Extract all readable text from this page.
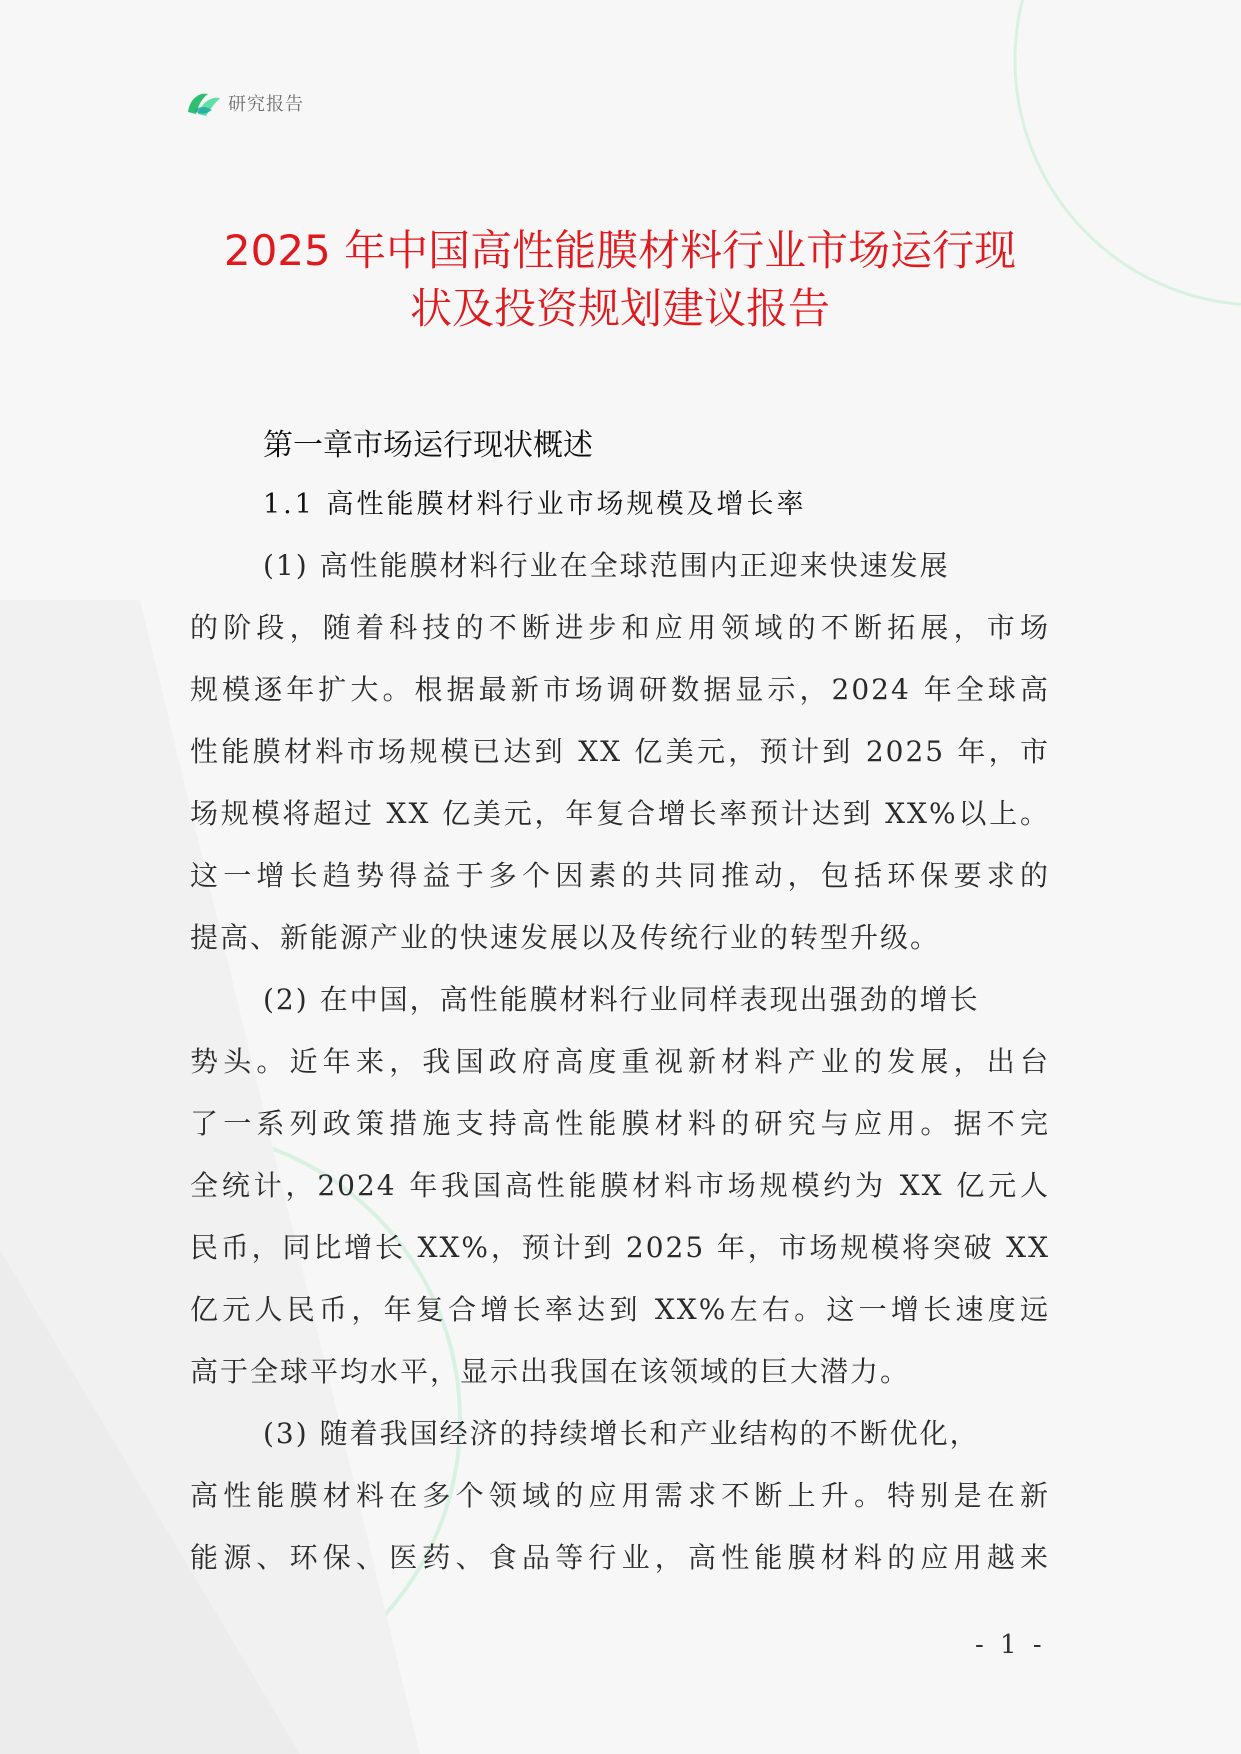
研究报告
2025 年中国高性能膜材料行业市场运行现
状及投资规划建议报告
第一章市场运行现状概述
1.1 高性能膜材料行业市场规模及增长率
(1) 高性能膜材料行业在全球范围内正迎来快速发展
的阶段，随着科技的不断进步和应用领域的不断拓展，市场
规模逐年扩大。根据最新市场调研数据显示，2024 年全球高
性能膜材料市场规模已达到 XX 亿美元，预计到 2025 年，市
场规模将超过 XX 亿美元，年复合增长率预计达到 XX%以上。
这一增长趋势得益于多个因素的共同推动，包括环保要求的
提高、新能源产业的快速发展以及传统行业的转型升级。
(2) 在中国，高性能膜材料行业同样表现出强劲的增长
势头。近年来，我国政府高度重视新材料产业的发展，出台
了一系列政策措施支持高性能膜材料的研究与应用。据不完
全统计，2024 年我国高性能膜材料市场规模约为 XX 亿元人
民币，同比增长 XX%，预计到 2025 年，市场规模将突破 XX
亿元人民币，年复合增长率达到 XX%左右。这一增长速度远
高于全球平均水平，显示出我国在该领域的巨大潜力。
(3) 随着我国经济的持续增长和产业结构的不断优化，
高性能膜材料在多个领域的应用需求不断上升。特别是在新
能源、环保、医药、食品等行业，高性能膜材料的应用越来
- 1 -
